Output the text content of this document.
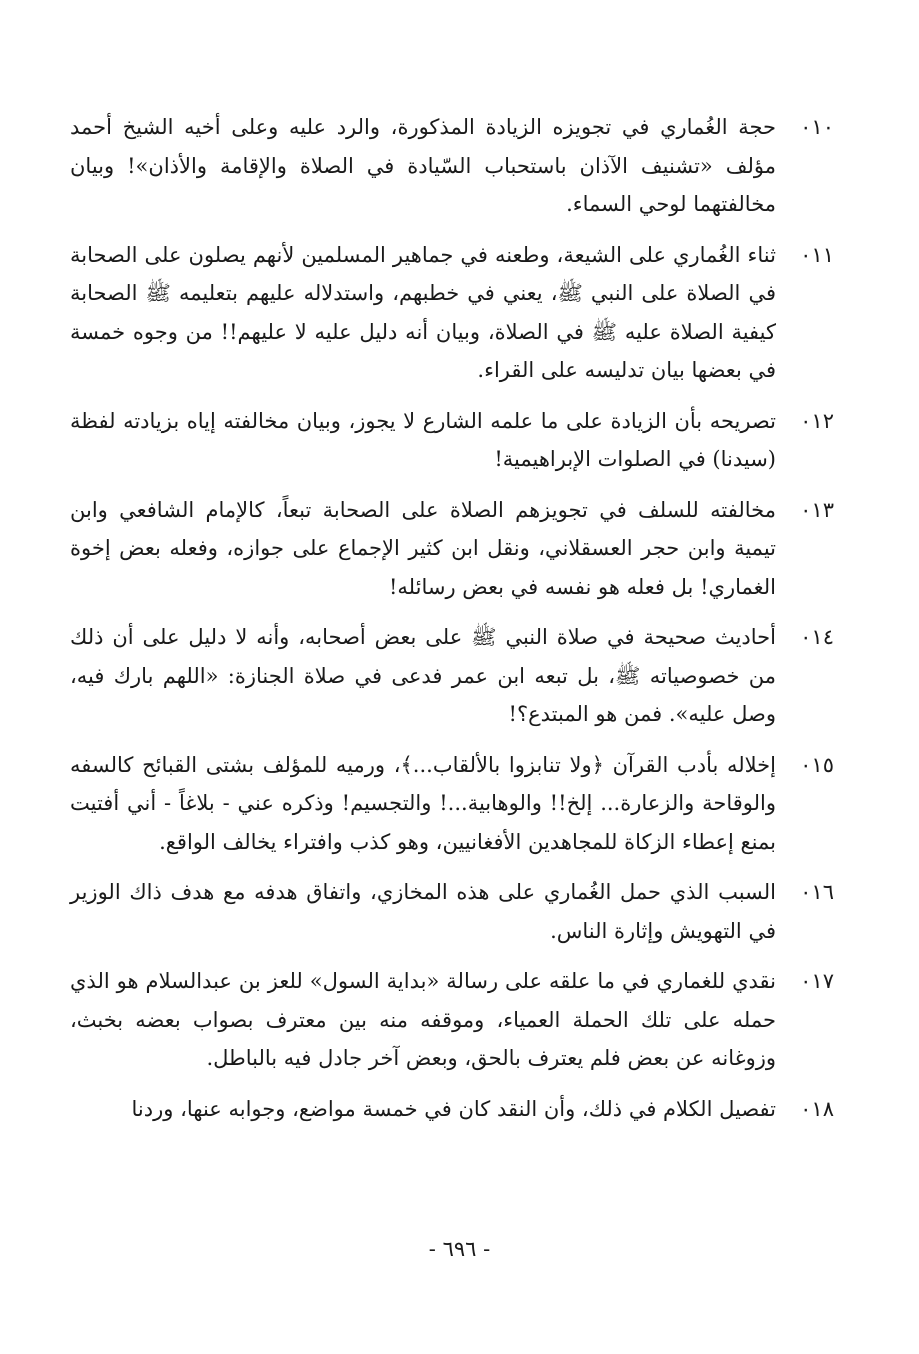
٠١٠
حجة الغُماري في تجويزه الزيادة المذكورة، والرد عليه وعلى أخيه الشيخ أحمد مؤلف «تشنيف الآذان باستحباب السّيادة في الصلاة والإقامة والأذان»! وبيان مخالفتهما لوحي السماء.
٠١١
ثناء الغُماري على الشيعة، وطعنه في جماهير المسلمين لأنهم يصلون على الصحابة في الصلاة على النبي ﷺ، يعني في خطبهم، واستدلاله عليهم بتعليمه ﷺ الصحابة كيفية الصلاة عليه ﷺ في الصلاة، وبيان أنه دليل عليه لا عليهم!! من وجوه خمسة في بعضها بيان تدليسه على القراء.
٠١٢
تصريحه بأن الزيادة على ما علمه الشارع لا يجوز، وبيان مخالفته إياه بزيادته لفظة (سيدنا) في الصلوات الإبراهيمية!
٠١٣
مخالفته للسلف في تجويزهم الصلاة على الصحابة تبعاً، كالإمام الشافعي وابن تيمية وابن حجر العسقلاني، ونقل ابن كثير الإجماع على جوازه، وفعله بعض إخوة الغماري! بل فعله هو نفسه في بعض رسائله!
٠١٤
أحاديث صحيحة في صلاة النبي ﷺ على بعض أصحابه، وأنه لا دليل على أن ذلك من خصوصياته ﷺ، بل تبعه ابن عمر فدعى في صلاة الجنازة: «اللهم بارك فيه، وصل عليه». فمن هو المبتدع؟!
٠١٥
إخلاله بأدب القرآن ﴿ولا تنابزوا بالألقاب...﴾، ورميه للمؤلف بشتى القبائح كالسفه والوقاحة والزعارة... إلخ!! والوهابية...! والتجسيم! وذكره عني - بلاغاً - أني أفتيت بمنع إعطاء الزكاة للمجاهدين الأفغانيين، وهو كذب وافتراء يخالف الواقع.
٠١٦
السبب الذي حمل الغُماري على هذه المخازي، واتفاق هدفه مع هدف ذاك الوزير في التهويش وإثارة الناس.
٠١٧
نقدي للغماري في ما علقه على رسالة «بداية السول» للعز بن عبدالسلام هو الذي حمله على تلك الحملة العمياء، وموقفه منه بين معترف بصواب بعضه بخبث، وزوغانه عن بعض فلم يعترف بالحق، وبعض آخر جادل فيه بالباطل.
٠١٨
تفصيل الكلام في ذلك، وأن النقد كان في خمسة مواضع، وجوابه عنها، وردنا
- ٦٩٦ -
